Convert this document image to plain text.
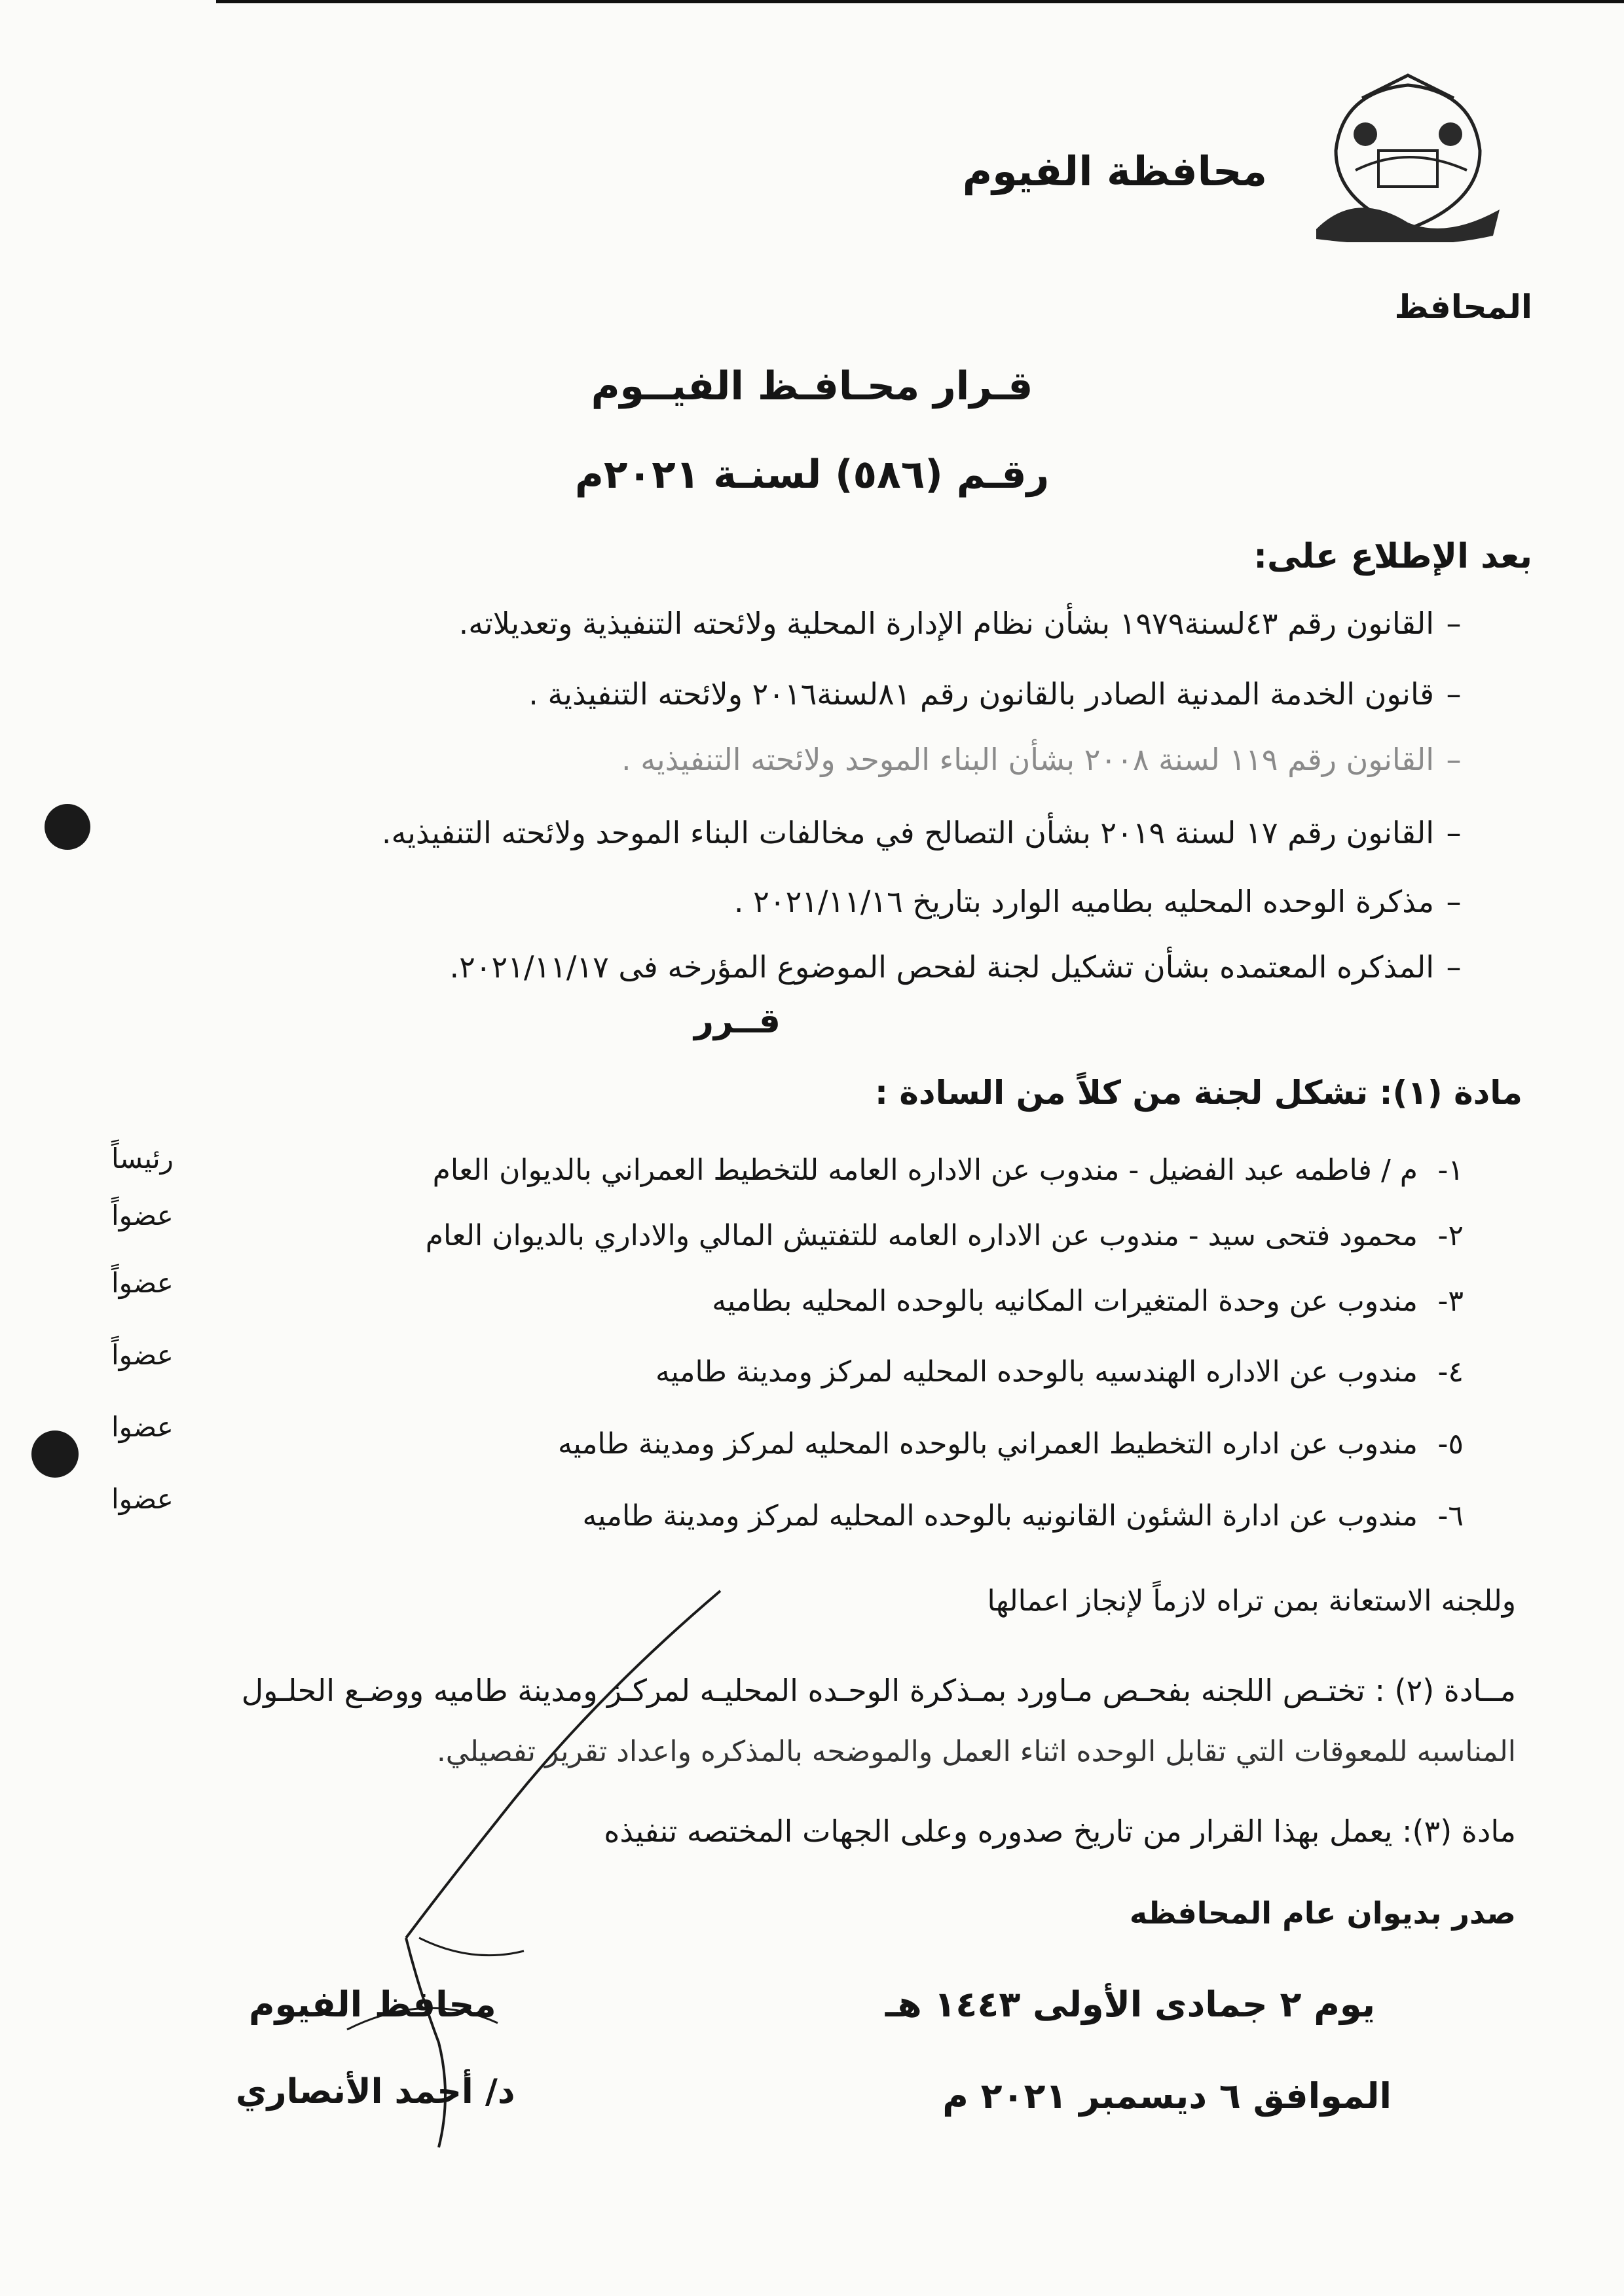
محافظة الفيوم
المحافظ
قـرار محـافـظ الفيــوم
رقـم (٥٨٦) لسنـة ٢٠٢١م
بعد الإطلاع على:
–القانون رقم ٤٣لسنة١٩٧٩ بشأن نظام الإدارة المحلية ولائحته التنفيذية وتعديلاته.
–قانون الخدمة المدنية الصادر بالقانون رقم ٨١لسنة٢٠١٦ ولائحته التنفيذية .
–القانون رقم ١١٩ لسنة ٢٠٠٨ بشأن البناء الموحد ولائحته التنفيذيه .
–القانون رقم ١٧ لسنة ٢٠١٩ بشأن التصالح في مخالفات البناء الموحد ولائحته التنفيذيه.
–مذكرة الوحده المحليه بطاميه الوارد بتاريخ ٢٠٢١/١١/١٦ .
–المذكره المعتمده بشأن تشكيل لجنة لفحص الموضوع المؤرخه فى ٢٠٢١/١١/١٧.
قــرر
مادة (١): تشكل لجنة من كلاً من السادة :
١-م / فاطمه عبد الفضيل - مندوب عن الاداره العامه للتخطيط العمراني بالديوان العام
رئيساً
٢-محمود فتحى سيد - مندوب عن الاداره العامه للتفتيش المالي والاداري بالديوان العام
عضواً
٣-مندوب عن وحدة المتغيرات المكانيه بالوحده المحليه بطاميه
عضواً
٤-مندوب عن الاداره الهندسيه بالوحده المحليه لمركز ومدينة طاميه
عضواً
٥-مندوب عن اداره التخطيط العمراني بالوحده المحليه لمركز ومدينة طاميه
عضوا
٦-مندوب عن ادارة الشئون القانونيه بالوحده المحليه لمركز ومدينة طاميه
عضوا
وللجنه الاستعانة بمن تراه لازماً لإنجاز اعمالها
مــادة (٢) : تختـص اللجنه بفحـص مـاورد بمـذكرة الوحـده المحليـه لمركـز ومدينة طاميه ووضـع الحلـول
المناسبه للمعوقات التي تقابل الوحده اثناء العمل والموضحه بالمذكره واعداد تقرير تفصيلي.
مادة (٣): يعمل بهذا القرار من تاريخ صدوره وعلى الجهات المختصه تنفيذه
صدر بديوان عام المحافظه
محافظ الفيوم
د/ أحمد الأنصاري
يوم ٢ جمادى الأولى ١٤٤٣ هـ
الموافق ٦ ديسمبر ٢٠٢١ م
